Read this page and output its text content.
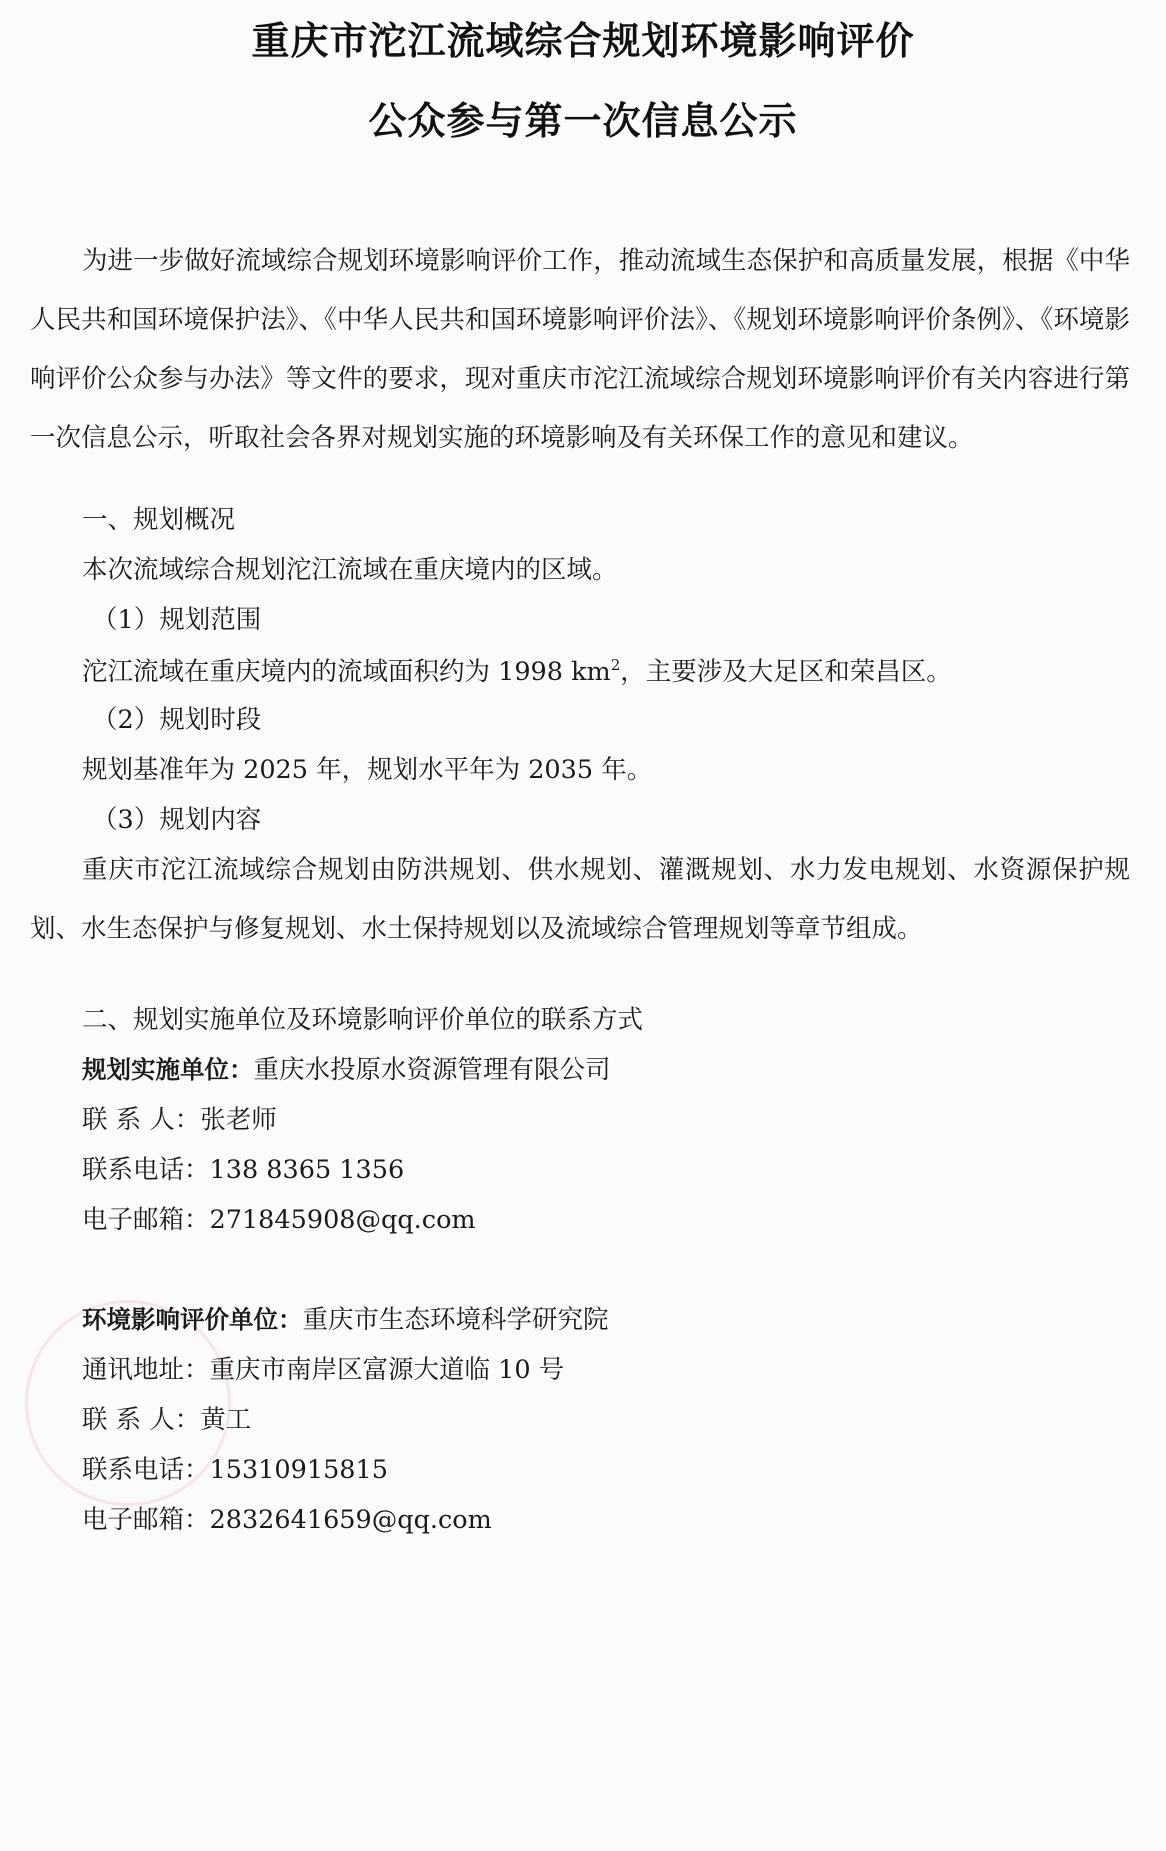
重庆市沱江流域综合规划环境影响评价
公众参与第一次信息公示

为进一步做好流域综合规划环境影响评价工作，推动流域生态保护和高质量发展，根据《中华人民共和国环境保护法》、《中华人民共和国环境影响评价法》、《规划环境影响评价条例》、《环境影响评价公众参与办法》等文件的要求，现对重庆市沱江流域综合规划环境影响评价有关内容进行第一次信息公示，听取社会各界对规划实施的环境影响及有关环保工作的意见和建议。

一、规划概况

本次流域综合规划沱江流域在重庆境内的区域。

（1）规划范围

沱江流域在重庆境内的流域面积约为 1998 $km^2$，主要涉及大足区和荣昌区。

（2）规划时段

规划基准年为 2025 年，规划水平年为 2035 年。

（3）规划内容

重庆市沱江流域综合规划由防洪规划、供水规划、灌溉规划、水力发电规划、水资源保护规划、水生态保护与修复规划、水土保持规划以及流域综合管理规划等章节组成。

二、规划实施单位及环境影响评价单位的联系方式

规划实施单位：重庆水投原水资源管理有限公司

联 系 人：张老师

联系电话：138 8365 1356

电子邮箱：271845908@qq.com

环境影响评价单位：重庆市生态环境科学研究院

通讯地址：重庆市南岸区富源大道临 10 号

联 系 人：黄工

联系电话：15310915815

电子邮箱：2832641659@qq.com
